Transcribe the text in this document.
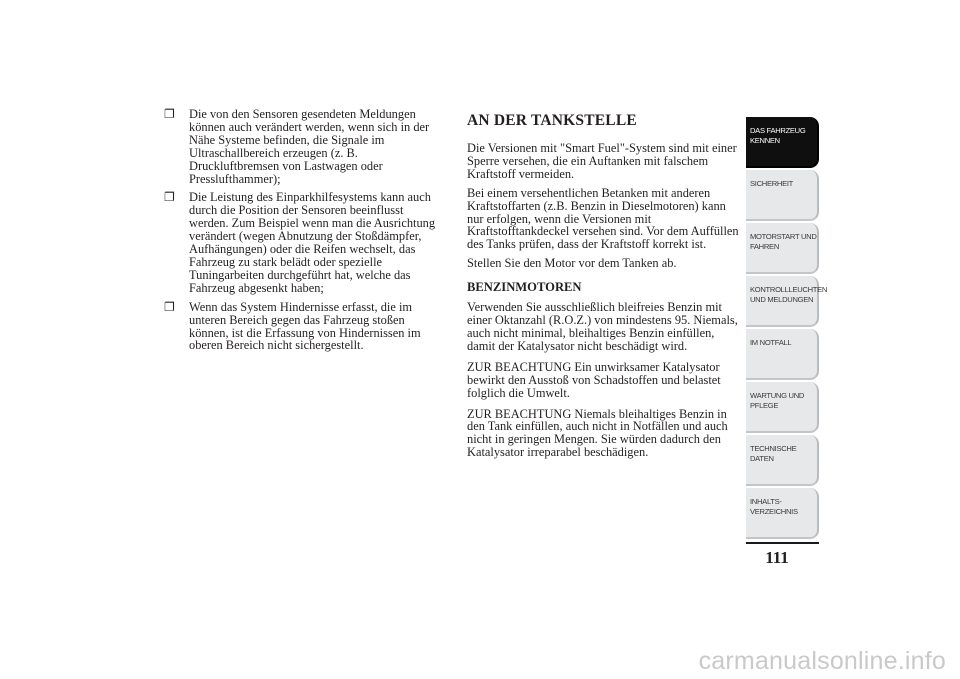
❐ Die von den Sensoren gesendeten Meldungen können auch verändert werden, wenn sich in der Nähe Systeme befinden, die Signale im Ultraschallbereich erzeugen (z. B. Druckluftbremsen von Lastwagen oder Presslufthammer);
❐ Die Leistung des Einparkhilfesystems kann auch durch die Position der Sensoren beeinflusst werden. Zum Beispiel wenn man die Ausrichtung verändert (wegen Abnutzung der Stoßdämpfer, Aufhängungen) oder die Reifen wechselt, das Fahrzeug zu stark belädt oder spezielle Tuningarbeiten durchgeführt hat, welche das Fahrzeug abgesenkt haben;
❐ Wenn das System Hindernisse erfasst, die im unteren Bereich gegen das Fahrzeug stoßen können, ist die Erfassung von Hindernissen im oberen Bereich nicht sichergestellt.
AN DER TANKSTELLE

Die Versionen mit "Smart Fuel"-System sind mit einer Sperre versehen, die ein Auftanken mit falschem Kraftstoff vermeiden.

Bei einem versehentlichen Betanken mit anderen Kraftstoffarten (z.B. Benzin in Dieselmotoren) kann nur erfolgen, wenn die Versionen mit Kraftstofftankdeckel versehen sind. Vor dem Auffüllen des Tanks prüfen, dass der Kraftstoff korrekt ist.

Stellen Sie den Motor vor dem Tanken ab.

BENZINMOTOREN

Verwenden Sie ausschließlich bleifreies Benzin mit einer Oktanzahl (R.O.Z.) von mindestens 95. Niemals, auch nicht minimal, bleihaltiges Benzin einfüllen, damit der Katalysator nicht beschädigt wird.

ZUR BEACHTUNG Ein unwirksamer Katalysator bewirkt den Ausstoß von Schadstoffen und belastet folglich die Umwelt.

ZUR BEACHTUNG Niemals bleihaltiges Benzin in den Tank einfüllen, auch nicht in Notfällen und auch nicht in geringen Mengen. Sie würden dadurch den Katalysator irreparabel beschädigen.

DAS FAHRZEUG
KENNEN
SICHERHEIT
MOTORSTART UND
FAHREN
KONTROLLLEUCHTEN
UND MELDUNGEN
IM NOTFALL
WARTUNG UND
PFLEGE
TECHNISCHE
DATEN
INHALTS-
VERZEICHNIS
111
carmanualsonline.info
